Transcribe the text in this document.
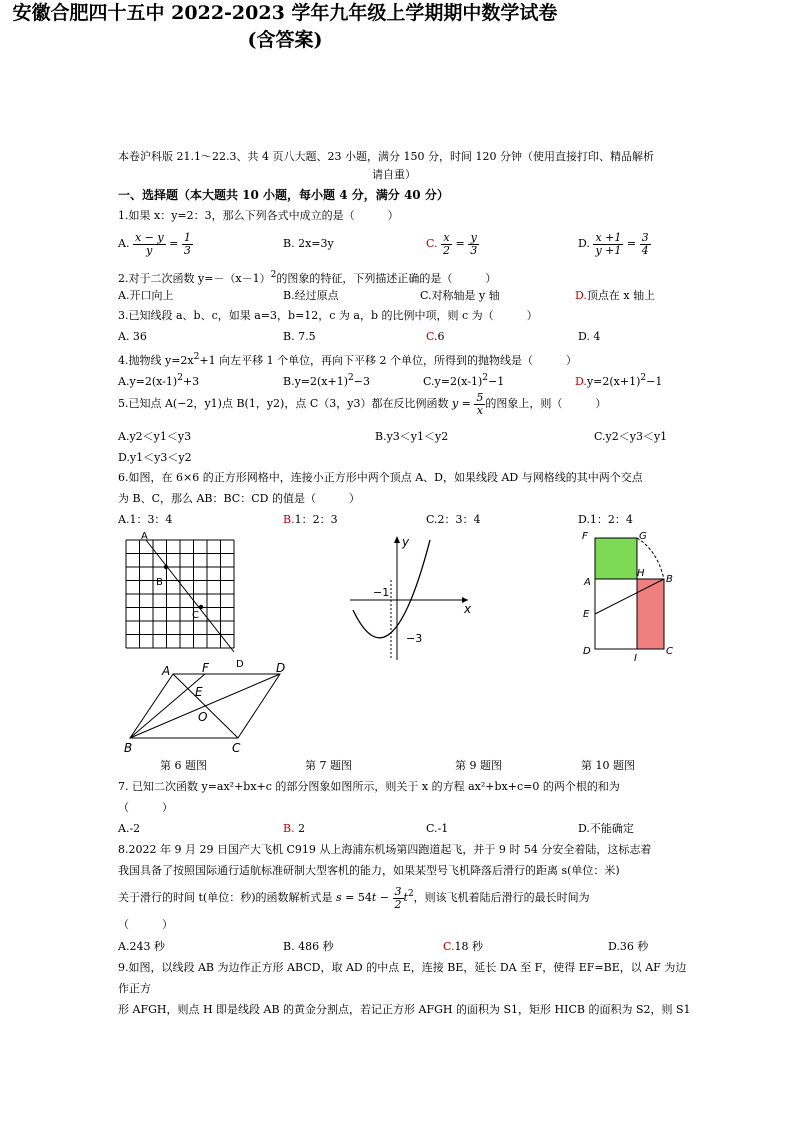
安徽合肥四十五中 2022-2023 学年九年级上学期期中数学试卷(含答案)
本卷沪科版 21.1～22.3、共 4 页八大题、23 小题，满分 150 分，时间 120 分钟（使用直接打印、精品解析
请自重）
一、选择题（本大题共 10 小题，每小题 4 分，满分 40 分）
1.如果 x：y=2：3，那么下列各式中成立的是（　　　）
A. $\frac{x - y}{y} = \frac{1}{3}$	B. 2x=3y	C. $\frac{x}{2} = \frac{y}{3}$	D. $\frac{x +1}{y +1} = \frac{3}{4}$
2.对于二次函数 $y=-(x-1)^2$的图象的特征，下列描述正确的是（　　　）
A.开口向上	B.经过原点	C.对称轴是 y 轴	D.顶点在 x 轴上
3.已知线段 a、b、c，如果 a=3，b=12，c 为 a，b 的比例中项，则 c 为（　　　）
A. 36	B. 7.5	C.6	D. 4
4.抛物线 $y=2x^2+1$ 向左平移 1 个单位，再向下平移 2 个单位，所得到的抛物线是（　　　）
$A.y=2(x-1)^2+3$	$B.y=2(x+1)^2-3$	$C.y=2(x-1)^2-1$	$D.y=2(x+1)^2-1$
5.已知点 A(−2，y1)点 B(1，y2)，点 C（3，y3）都在反比例函数 $y = \frac{5}{x}$ 的图象上，则（　　　）
A.y2＜y1＜y3	B.y3＜y1＜y2	C.y2＜y3＜y1
D.y1＜y3＜y2
6.如图，在 6×6 的正方形网格中，连接小正方形中两个顶点 A、D，如果线段 AD 与网格线的其中两个交点
为 B、C，那么 AB：BC：CD 的值是（　　　）
A.1：3：4	B.1：2：3	C.2：3：4	D.1：2：4
A
B
C
D
y
x
−1
−3
F	G
A
H
B
E
D
I
C
A	F	D
E
O
B	C
第 6 题图	第 7 题图	第 9 题图	第 10 题图
7. 已知二次函数 y=ax²+bx+c 的部分图象如图所示，则关于 x 的方程 ax²+bx+c=0 的两个根的和为
（　　　）
A.-2	B. 2	C.-1	D.不能确定
8.2022 年 9 月 29 日国产大飞机 C919 从上海浦东机场第四跑道起飞，并于 9 时 54 分安全着陆，这标志着
我国具备了按照国际通行适航标准研制大型客机的能力，如果某型号飞机降落后滑行的距离 s(单位：米)
关于滑行的时间 t(单位：秒)的函数解析式是 $s = 54t - \frac{3}{2} t^2$，则该飞机着陆后滑行的最长时间为
（　　　）
A.243 秒	B. 486 秒	C.18 秒	D.36 秒
9.如图，以线段 AB 为边作正方形 ABCD，取 AD 的中点 E，连接 BE，延长 DA 至 F，使得 EF=BE，以 AF 为边
作正方
形 AFGH，则点 H 即是线段 AB 的黄金分割点，若记正方形 AFGH 的面积为 S1，矩形 HICB 的面积为 S2，则 S1
